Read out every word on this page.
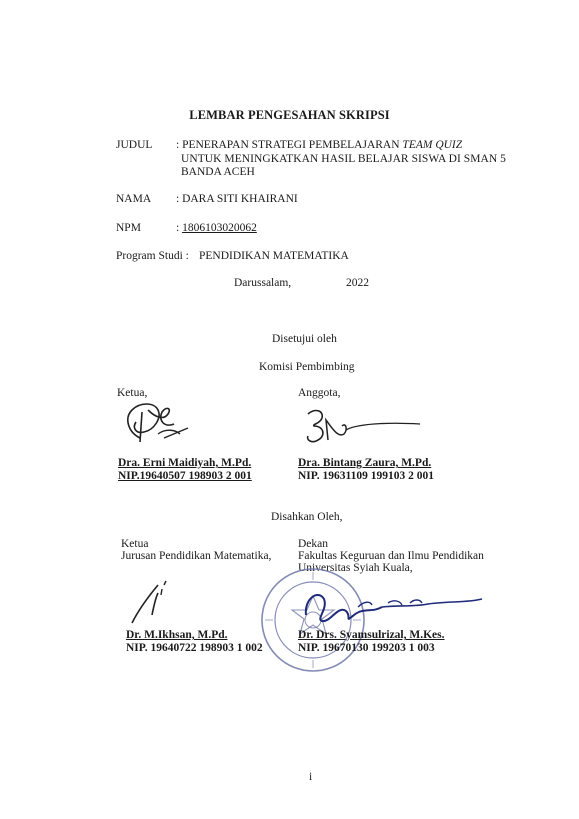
LEMBAR PENGESAHAN SKRIPSI
JUDUL : PENERAPAN STRATEGI PEMBELAJARAN TEAM QUIZ
UNTUK MENINGKATKAN HASIL BELAJAR SISWA DI SMAN 5
BANDA ACEH
NAMA : DARA SITI KHAIRANI
NPM	: 1806103020062
Program Studi : PENDIDIKAN MATEMATIKA
Darussalam,	2022
Disetujui oleh
Komisi Pembimbing
Ketua,	Anggota,
Dra. Erni Maidiyah, M.Pd.
NIP.19640507 198903 2 001
Dra. Bintang Zaura, M.Pd.
NIP. 19631109 199103 2 001
Disahkan Oleh,
Ketua
Jurusan Pendidikan Matematika,
Dekan
Fakultas Keguruan dan Ilmu Pendidikan
Universitas Syiah Kuala,
Dr. M.Ikhsan, M.Pd.
NIP. 19640722 198903 1 002
Dr. Drs. Syamsulrizal, M.Kes.
NIP. 19670130 199203 1 003
i
